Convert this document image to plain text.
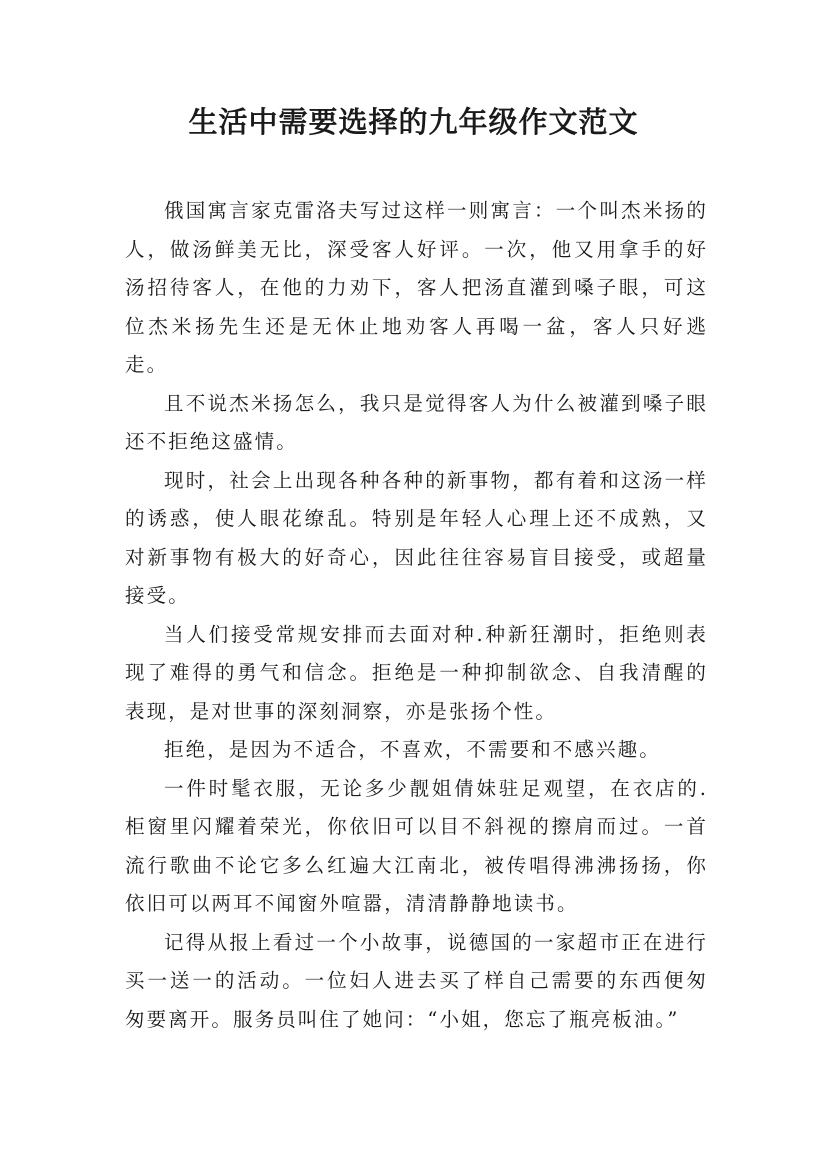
生活中需要选择的九年级作文范文

俄国寓言家克雷洛夫写过这样一则寓言：一个叫杰米扬的人，做汤鲜美无比，深受客人好评。一次，他又用拿手的好汤招待客人，在他的力劝下，客人把汤直灌到嗓子眼，可这位杰米扬先生还是无休止地劝客人再喝一盆，客人只好逃走。

且不说杰米扬怎么，我只是觉得客人为什么被灌到嗓子眼还不拒绝这盛情。

现时，社会上出现各种各种的新事物，都有着和这汤一样的诱惑，使人眼花缭乱。特别是年轻人心理上还不成熟，又对新事物有极大的好奇心，因此往往容易盲目接受，或超量接受。

当人们接受常规安排而去面对种.种新狂潮时，拒绝则表现了难得的勇气和信念。拒绝是一种抑制欲念、自我清醒的表现，是对世事的深刻洞察，亦是张扬个性。

拒绝，是因为不适合，不喜欢，不需要和不感兴趣。

一件时髦衣服，无论多少靓姐倩妹驻足观望，在衣店的.柜窗里闪耀着荣光，你依旧可以目不斜视的擦肩而过。一首流行歌曲不论它多么红遍大江南北，被传唱得沸沸扬扬，你依旧可以两耳不闻窗外喧嚣，清清静静地读书。

记得从报上看过一个小故事，说德国的一家超市正在进行买一送一的活动。一位妇人进去买了样自己需要的东西便匆匆要离开。服务员叫住了她问：“小姐，您忘了瓶亮板油。”
